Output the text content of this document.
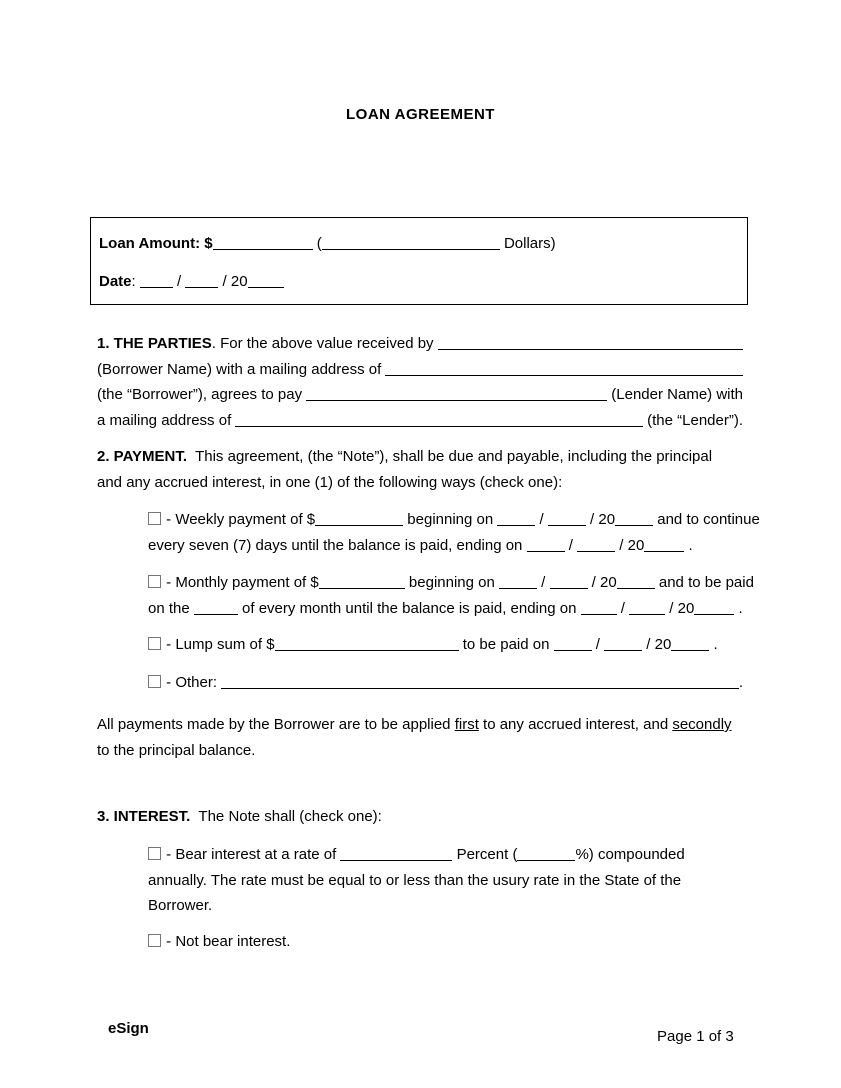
LOAN AGREEMENT
Loan Amount: $	(	Dollars)
Date : / / 20
1. THE PARTIES . For the above value received by
(Borrower Name) with a mailing address of
(the “Borrower”), agrees to pay	(Lender Name) with
a mailing address of	(the “Lender”).
2. PAYMENT. This agreement, (the “Note”), shall be due and payable, including the principal
and any accrued interest, in one (1) of the following ways (check one):
- Weekly payment of $	beginning on	/	/ 20	and to continue
every seven (7) days until the balance is paid, ending on	/	/ 20	.
- Monthly payment of $	beginning on	/	/ 20	and to be paid
on the	of every month until the balance is paid, ending on / / 20	.
- Lump sum of $	to be paid on	/	/ 20	.
- Other:	.
All payments made by the Borrower are to be applied first to any accrued interest, and secondly
to the principal balance.
3. INTEREST. The Note shall (check one):
- Bear interest at a rate of	Percent (	%) compounded
annually. The rate must be equal to or less than the usury rate in the State of the
Borrower.
- Not bear interest.
eSign	Page 1 of 3
